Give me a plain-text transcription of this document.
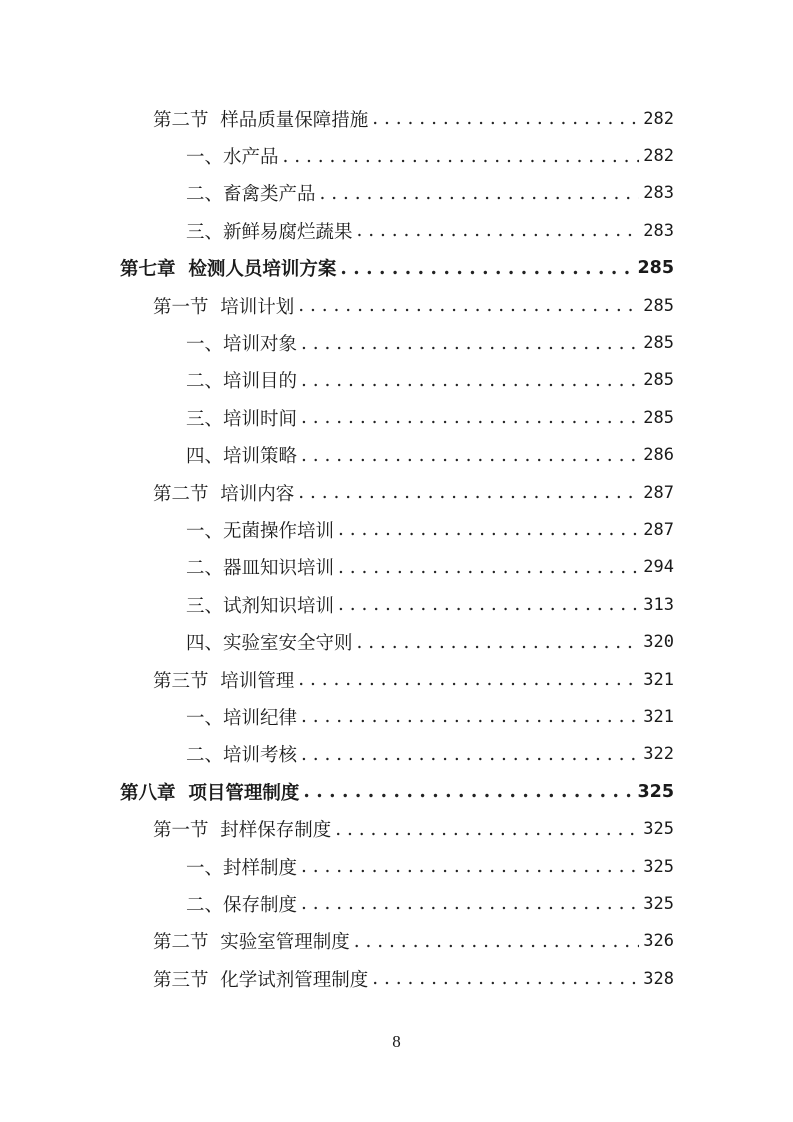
第二节  样品质量保障措施 . . .	282
一、水产品 . . .	282
二、畜禽类产品 . . .	283
三、新鲜易腐烂蔬果 . . .	283
第七章  检测人员培训方案 . . .	285
第一节  培训计划 . . .	285
一、培训对象 . . .	285
二、培训目的 . . .	285
三、培训时间 . . .	285
四、培训策略 . . .	286
第二节  培训内容 . . .	287
一、无菌操作培训 . . .	287
二、器皿知识培训 . . .	294
三、试剂知识培训 . . .	313
四、实验室安全守则 . . .	320
第三节  培训管理 . . .	321
一、培训纪律 . . .	321
二、培训考核 . . .	322
第八章  项目管理制度 . . .	325
第一节  封样保存制度 . . .	325
一、封样制度 . . .	325
二、保存制度 . . .	325
第二节  实验室管理制度 . . .	326
第三节  化学试剂管理制度 . . .	328
8
